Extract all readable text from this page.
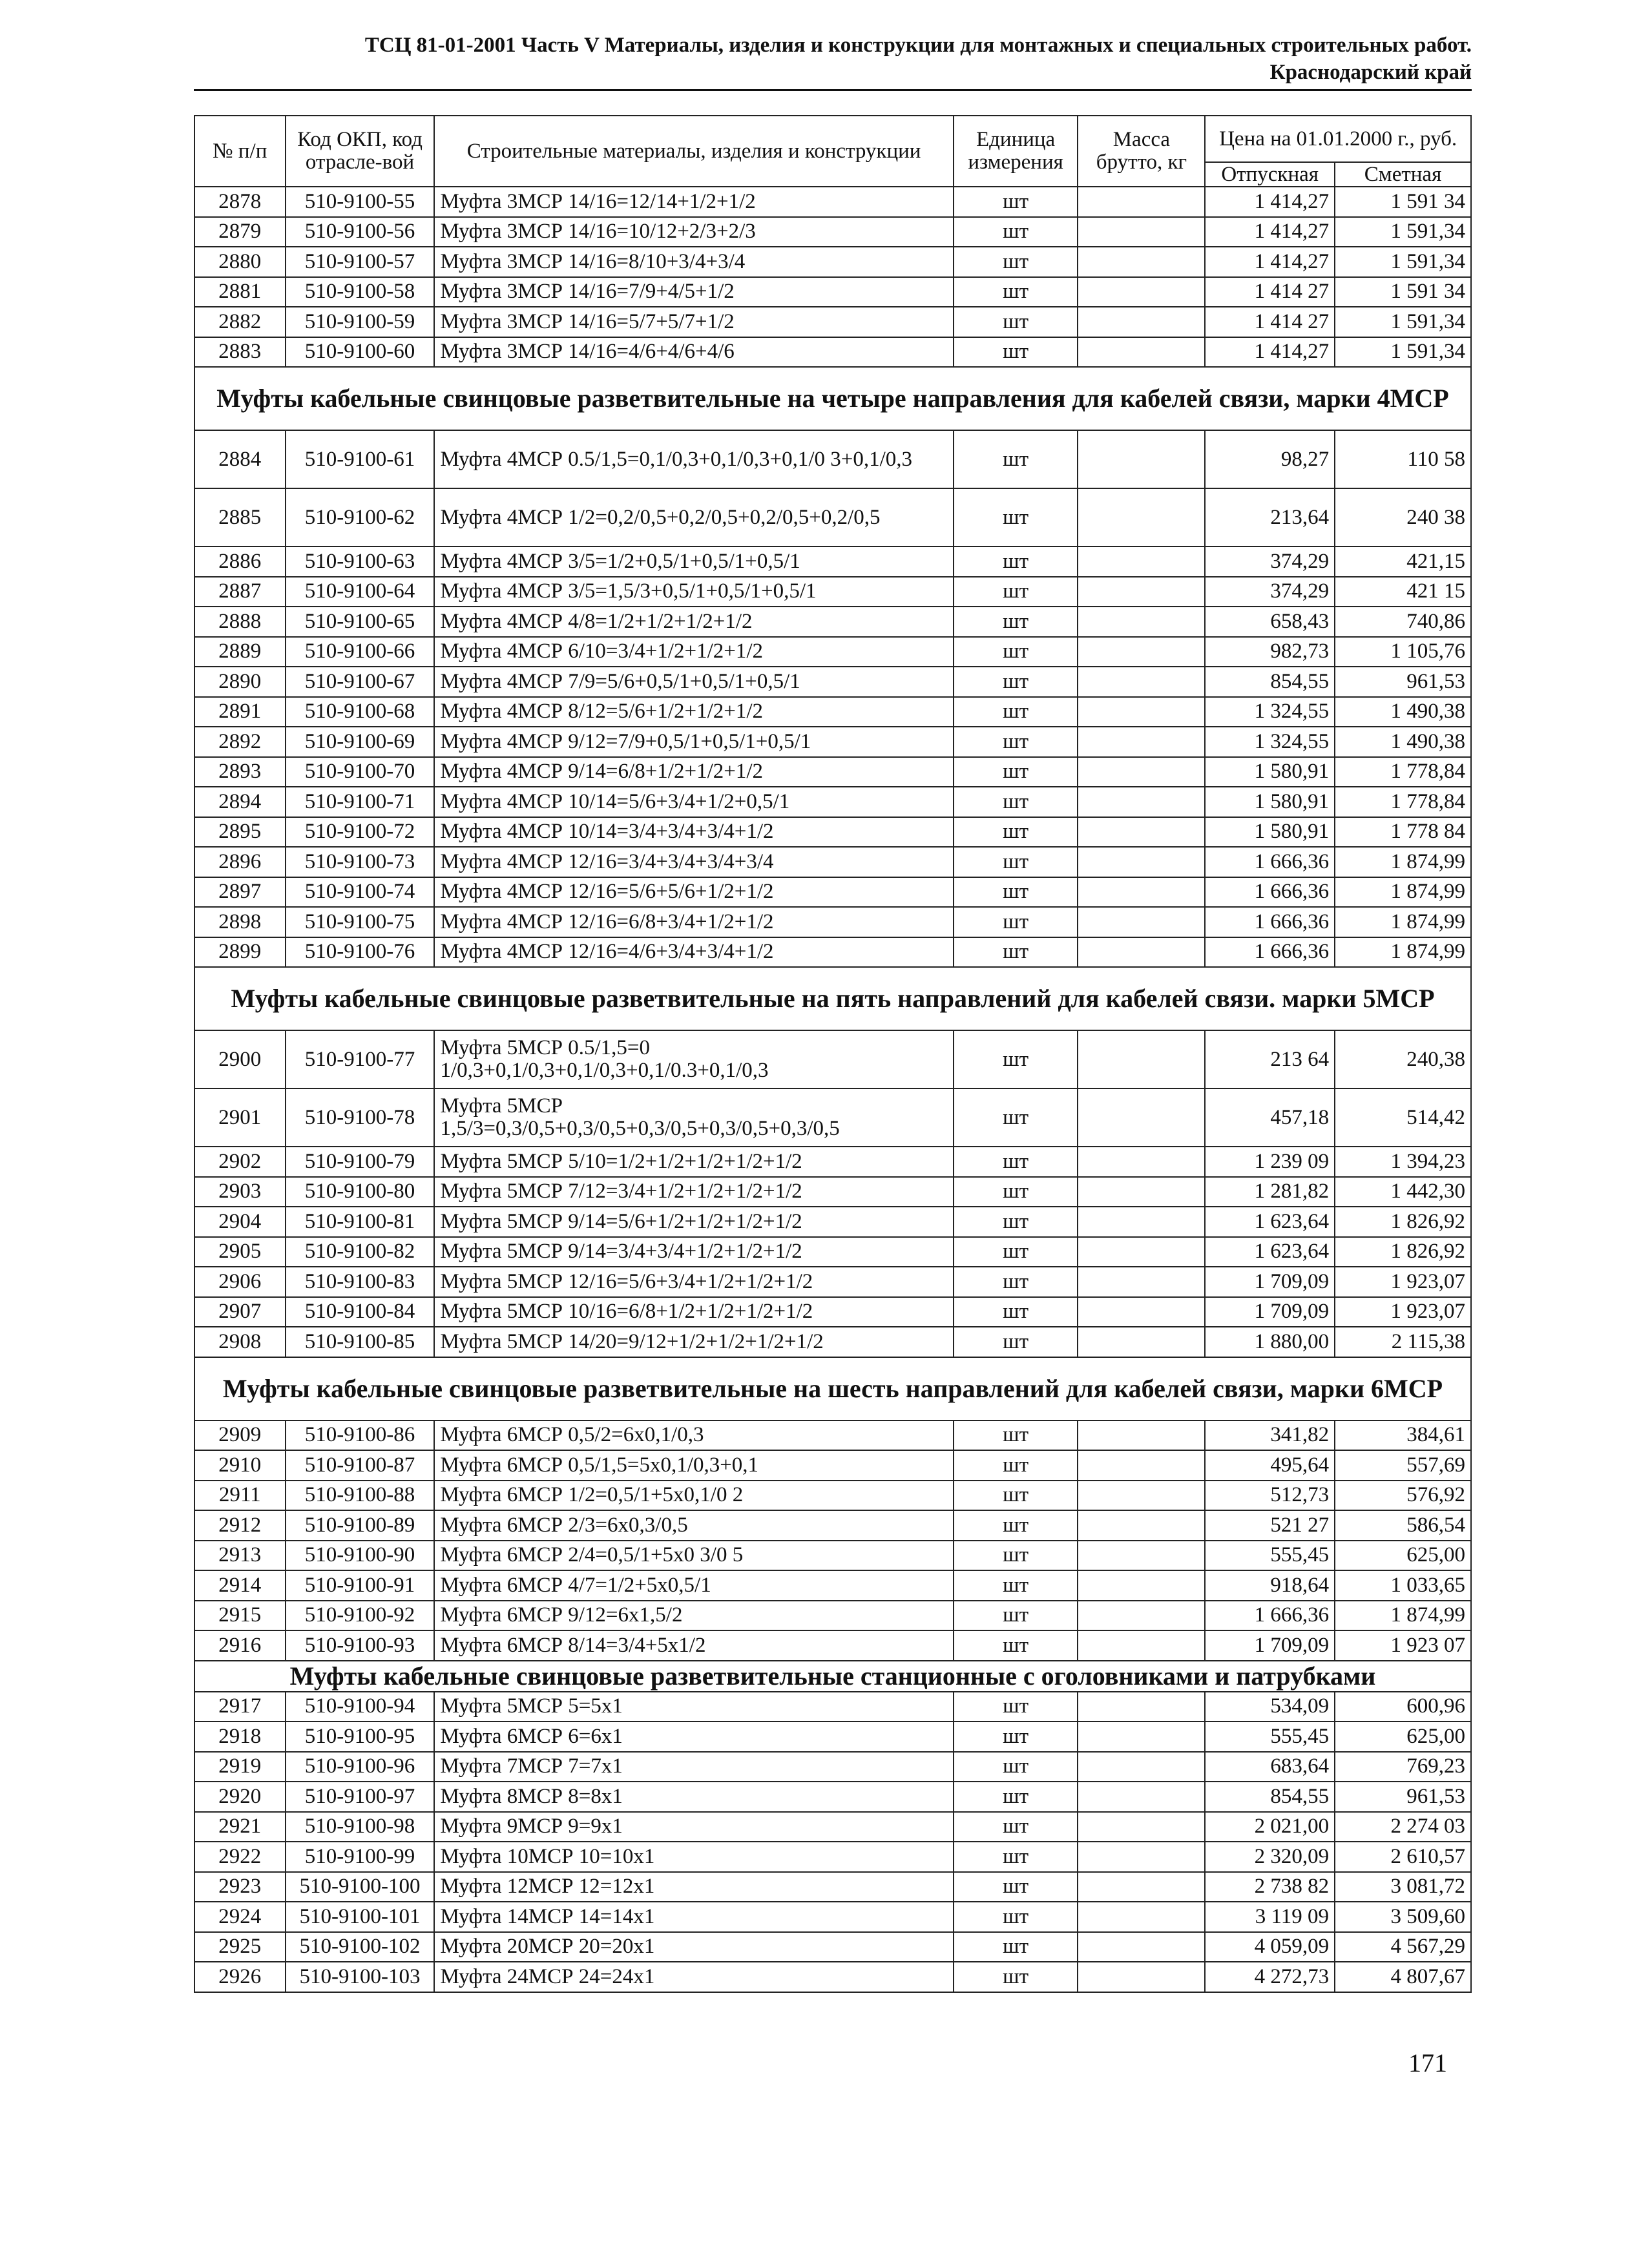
ТСЦ 81-01-2001 Часть V Материалы, изделия и конструкции для монтажных и специальных строительных работ.
Краснодарский край
№ п/п	Код ОКП, код отрасле-вой	Строительные материалы, изделия и конструкции	Единица измерения	Масса брутто, кг	Цена на 01.01.2000 г., руб.	
					Отпускная	Сметная
2878	510-9100-55	Муфта 3МСР 14/16=12/14+1/2+1/2	шт		1 414,27	1 591 34
2879	510-9100-56	Муфта 3МСР 14/16=10/12+2/3+2/3	шт		1 414,27	1 591,34
2880	510-9100-57	Муфта 3МСР 14/16=8/10+3/4+3/4	шт		1 414,27	1 591,34
2881	510-9100-58	Муфта 3МСР 14/16=7/9+4/5+1/2	шт		1 414 27	1 591 34
2882	510-9100-59	Муфта 3МСР 14/16=5/7+5/7+1/2	шт		1 414 27	1 591,34
2883	510-9100-60	Муфта 3МСР 14/16=4/6+4/6+4/6	шт		1 414,27	1 591,34
Муфты кабельные свинцовые разветвительные на четыре направления для кабелей связи, марки 4МСР						
2884	510-9100-61	Муфта 4МСР 0.5/1,5=0,1/0,3+0,1/0,3+0,1/0 3+0,1/0,3	шт		98,27	110 58
2885	510-9100-62	Муфта 4МСР 1/2=0,2/0,5+0,2/0,5+0,2/0,5+0,2/0,5	шт		213,64	240 38
2886	510-9100-63	Муфта 4МСР 3/5=1/2+0,5/1+0,5/1+0,5/1	шт		374,29	421,15
2887	510-9100-64	Муфта 4МСР 3/5=1,5/3+0,5/1+0,5/1+0,5/1	шт		374,29	421 15
2888	510-9100-65	Муфта 4МСР 4/8=1/2+1/2+1/2+1/2	шт		658,43	740,86
2889	510-9100-66	Муфта 4МСР 6/10=3/4+1/2+1/2+1/2	шт		982,73	1 105,76
2890	510-9100-67	Муфта 4МСР 7/9=5/6+0,5/1+0,5/1+0,5/1	шт		854,55	961,53
2891	510-9100-68	Муфта 4МСР 8/12=5/6+1/2+1/2+1/2	шт		1 324,55	1 490,38
2892	510-9100-69	Муфта 4МСР 9/12=7/9+0,5/1+0,5/1+0,5/1	шт		1 324,55	1 490,38
2893	510-9100-70	Муфта 4МСР 9/14=6/8+1/2+1/2+1/2	шт		1 580,91	1 778,84
2894	510-9100-71	Муфта 4МСР 10/14=5/6+3/4+1/2+0,5/1	шт		1 580,91	1 778,84
2895	510-9100-72	Муфта 4МСР 10/14=3/4+3/4+3/4+1/2	шт		1 580,91	1 778 84
2896	510-9100-73	Муфта 4МСР 12/16=3/4+3/4+3/4+3/4	шт		1 666,36	1 874,99
2897	510-9100-74	Муфта 4МСР 12/16=5/6+5/6+1/2+1/2	шт		1 666,36	1 874,99
2898	510-9100-75	Муфта 4МСР 12/16=6/8+3/4+1/2+1/2	шт		1 666,36	1 874,99
2899	510-9100-76	Муфта 4МСР 12/16=4/6+3/4+3/4+1/2	шт		1 666,36	1 874,99
Муфты кабельные свинцовые разветвительные на пять направлений для кабелей связи. марки 5МСР						
2900	510-9100-77	Муфта 5МСР 0.5/1,5=0 1/0,3+0,1/0,3+0,1/0,3+0,1/0.3+0,1/0,3	шт		213 64	240,38
2901	510-9100-78	Муфта 5МСР 1,5/3=0,3/0,5+0,3/0,5+0,3/0,5+0,3/0,5+0,3/0,5	шт		457,18	514,42
2902	510-9100-79	Муфта 5МСР 5/10=1/2+1/2+1/2+1/2+1/2	шт		1 239 09	1 394,23
2903	510-9100-80	Муфта 5МСР 7/12=3/4+1/2+1/2+1/2+1/2	шт		1 281,82	1 442,30
2904	510-9100-81	Муфта 5МСР 9/14=5/6+1/2+1/2+1/2+1/2	шт		1 623,64	1 826,92
2905	510-9100-82	Муфта 5МСР 9/14=3/4+3/4+1/2+1/2+1/2	шт		1 623,64	1 826,92
2906	510-9100-83	Муфта 5МСР 12/16=5/6+3/4+1/2+1/2+1/2	шт		1 709,09	1 923,07
2907	510-9100-84	Муфта 5МСР 10/16=6/8+1/2+1/2+1/2+1/2	шт		1 709,09	1 923,07
2908	510-9100-85	Муфта 5МСР 14/20=9/12+1/2+1/2+1/2+1/2	шт		1 880,00	2 115,38
Муфты кабельные свинцовые разветвительные на шесть направлений для кабелей связи, марки 6МСР						
2909	510-9100-86	Муфта 6МСР 0,5/2=6х0,1/0,3	шт		341,82	384,61
2910	510-9100-87	Муфта 6МСР 0,5/1,5=5х0,1/0,3+0,1	шт		495,64	557,69
2911	510-9100-88	Муфта 6МСР 1/2=0,5/1+5х0,1/0 2	шт		512,73	576,92
2912	510-9100-89	Муфта 6МСР 2/3=6х0,3/0,5	шт		521 27	586,54
2913	510-9100-90	Муфта 6МСР 2/4=0,5/1+5х0 3/0 5	шт		555,45	625,00
2914	510-9100-91	Муфта 6МСР 4/7=1/2+5х0,5/1	шт		918,64	1 033,65
2915	510-9100-92	Муфта 6МСР 9/12=6х1,5/2	шт		1 666,36	1 874,99
2916	510-9100-93	Муфта 6МСР 8/14=3/4+5х1/2	шт		1 709,09	1 923 07
Муфты кабельные свинцовые разветвительные станционные с оголовниками и патрубками						
2917	510-9100-94	Муфта 5МСР 5=5х1	шт		534,09	600,96
2918	510-9100-95	Муфта 6МСР 6=6х1	шт		555,45	625,00
2919	510-9100-96	Муфта 7МСР 7=7х1	шт		683,64	769,23
2920	510-9100-97	Муфта 8МСР 8=8х1	шт		854,55	961,53
2921	510-9100-98	Муфта 9МСР 9=9х1	шт		2 021,00	2 274 03
2922	510-9100-99	Муфта 10МСР 10=10х1	шт		2 320,09	2 610,57
2923	510-9100-100	Муфта 12МСР 12=12х1	шт		2 738 82	3 081,72
2924	510-9100-101	Муфта 14МСР 14=14х1	шт		3 119 09	3 509,60
2925	510-9100-102	Муфта 20МСР 20=20х1	шт		4 059,09	4 567,29
2926	510-9100-103	Муфта 24МСР 24=24х1	шт		4 272,73	4 807,67
171
